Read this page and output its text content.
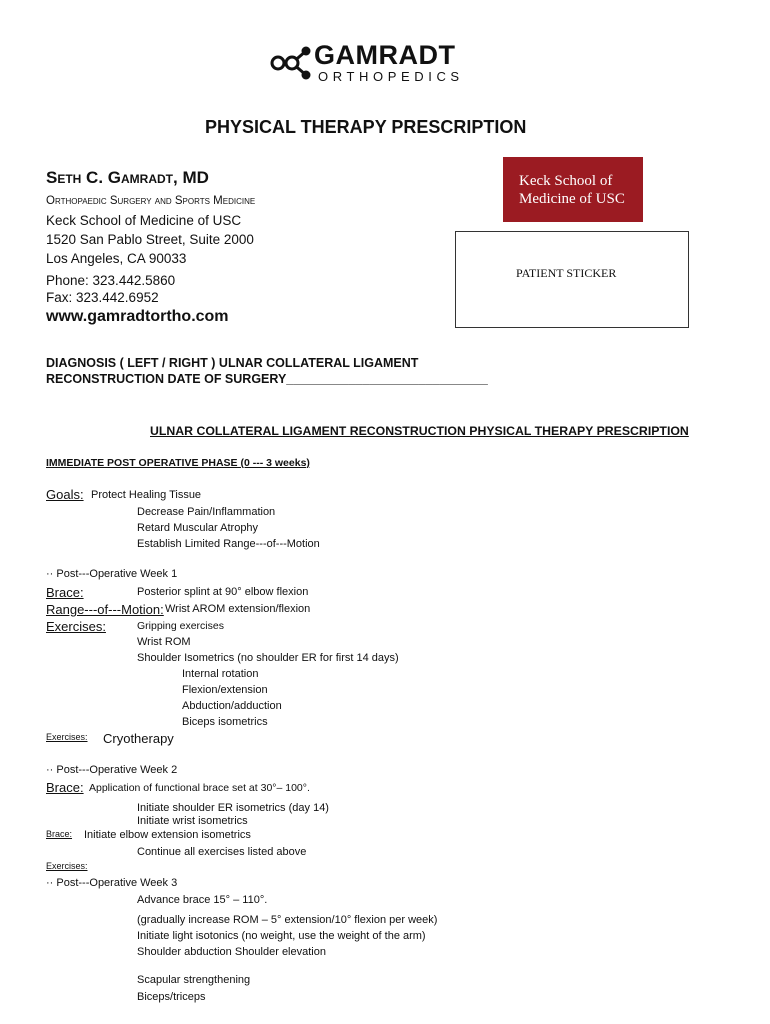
GAMRADT
ORTHOPEDICS
PHYSICAL THERAPY PRESCRIPTION
Seth C. Gamradt, MD
Orthopaedic Surgery and Sports Medicine
Keck School of Medicine of USC
1520 San Pablo Street, Suite 2000
Los Angeles, CA 90033
Phone: 323.442.5860
Fax: 323.442.6952
www.gamradtortho.com
Keck School of
Medicine of USC
PATIENT STICKER
DIAGNOSIS ( LEFT / RIGHT ) ULNAR COLLATERAL LIGAMENT
RECONSTRUCTION DATE OF SURGERY_____________________________
ULNAR COLLATERAL LIGAMENT RECONSTRUCTION PHYSICAL THERAPY PRESCRIPTION
IMMEDIATE POST OPERATIVE PHASE (0 --- 3 weeks)
Goals: Protect Healing Tissue
Decrease Pain/Inflammation
Retard Muscular Atrophy
Establish Limited Range---of---Motion
·· Post---Operative Week 1
Brace:	Posterior splint at 90° elbow flexion
Range---of---Motion: Wrist AROM extension/flexion
Exercises:	Gripping exercises
Wrist ROM
Shoulder Isometrics (no shoulder ER for first 14 days)
Internal rotation
Flexion/extension
Abduction/adduction
Biceps isometrics
Exercises: Cryotherapy
·· Post---Operative Week 2
Brace: Application of functional brace set at 30°– 100°.
Initiate shoulder ER isometrics (day 14)
Initiate wrist isometrics
Brace: Initiate elbow extension isometrics
Continue all exercises listed above
Exercises:
·· Post---Operative Week 3
Advance brace 15° – 110°.
(gradually increase ROM – 5° extension/10° flexion per week)
Initiate light isotonics (no weight, use the weight of the arm)
Shoulder abduction Shoulder elevation
Scapular strengthening
Biceps/triceps
